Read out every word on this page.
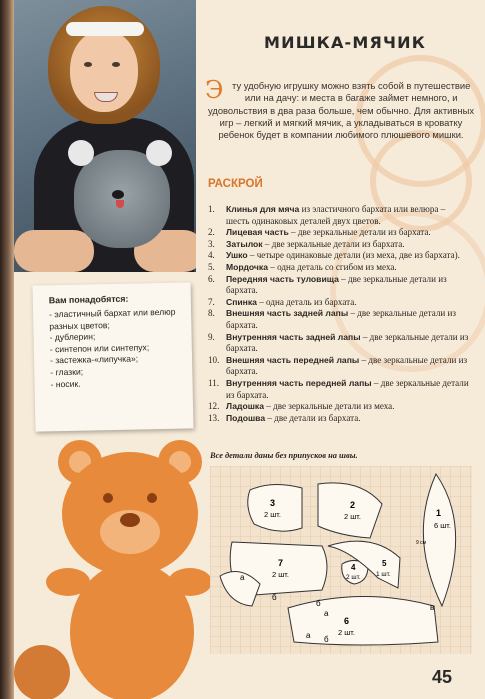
Вам понадобятся:
- эластичный бархат или велюр разных цветов;
- дублерин;
- синтепон или синтепух;
- застежка-«липучка»;
- глазки;
- носик.
МИШКА-МЯЧИК
Э ту удобную игрушку можно взять собой в путешествие или на дачу: и места в багаже займет немного, и удовольствия в два раза больше, чем обычно. Для активных игр – легкий и мягкий мячик, а укладываться в кроватку ребенок будет в компании любимого плюшевого мишки.
РАСКРОЙ
1. Клинья для мяча из эластичного бархата или велюра – шесть одинаковых деталей двух цветов.
2. Лицевая часть – две зеркальные детали из бархата.
3. Затылок – две зеркальные детали из бархата.
4. Ушко – четыре одинаковые детали (из меха, две из бархата).
5. Мордочка – одна деталь со сгибом из меха.
6. Передняя часть туловища – две зеркальные детали из бархата.
7. Спинка – одна деталь из бархата.
8. Внешняя часть задней лапы – две зеркальные детали из бархата.
9. Внутренняя часть задней лапы – две зеркальные детали из бархата.
10. Внешняя часть передней лапы – две зеркальные детали из бархата.
11. Внутренняя часть передней лапы – две зеркальные детали из бархата.
12. Ладошка – две зеркальные детали из меха.
13. Подошва – две детали из бархата.
Все детали даны без припусков на швы.
3
2 шт.
2
2 шт.	1
6 шт.
9 см
7
2 шт.
4
2 шт.
5
1 шт.
6
2 шт.
а
б
б
а
а б
в
45
